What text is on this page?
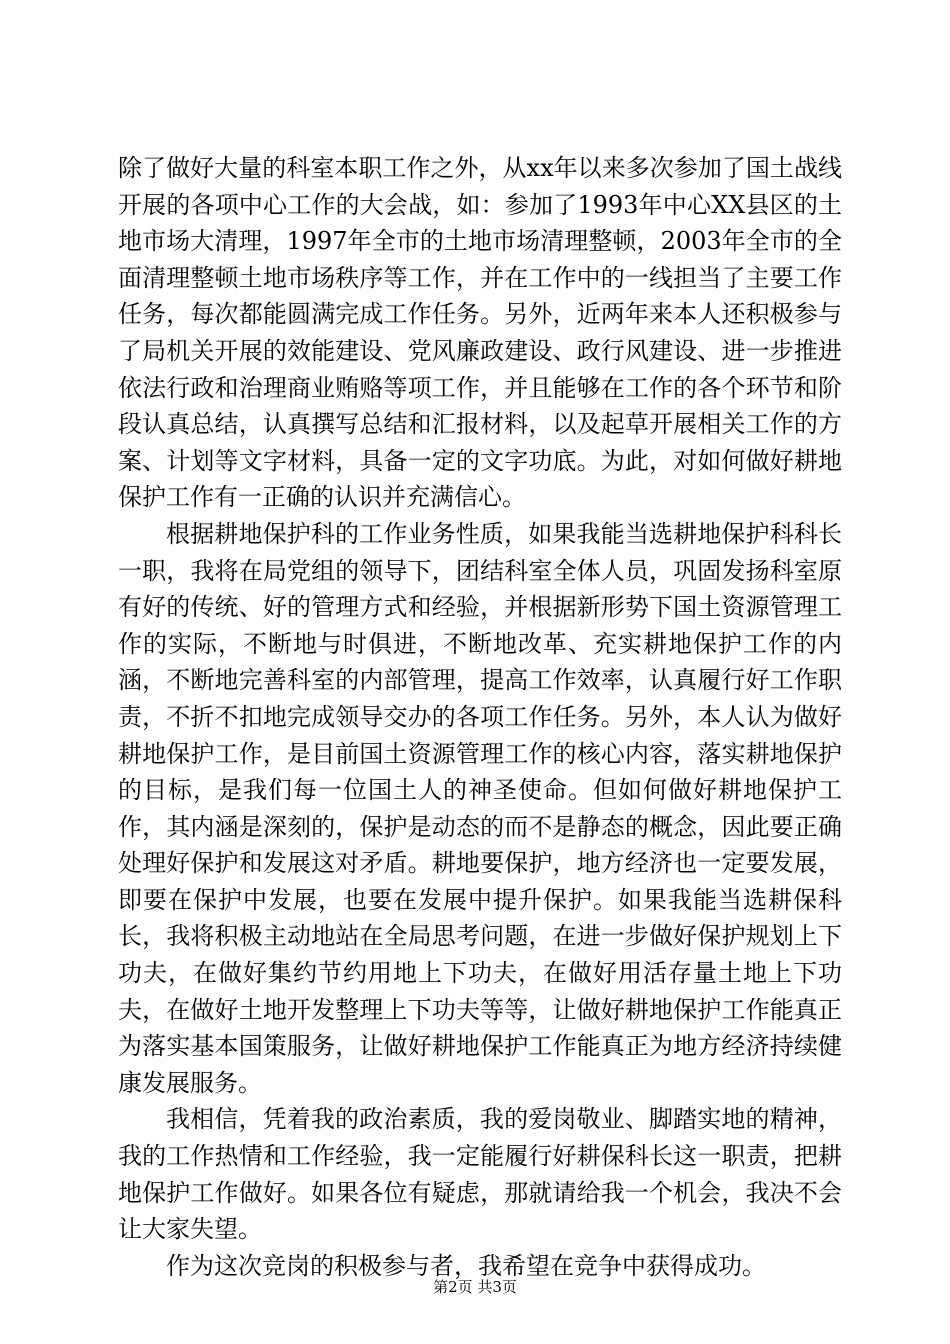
除了做好大量的科室本职工作之外，从xx年以来多次参加了国土战线开展的各项中心工作的大会战，如：参加了1993年中心XX县区的土地市场大清理，1997年全市的土地市场清理整顿，2003年全市的全面清理整顿土地市场秩序等工作，并在工作中的一线担当了主要工作任务，每次都能圆满完成工作任务。另外，近两年来本人还积极参与了局机关开展的效能建设、党风廉政建设、政行风建设、进一步推进依法行政和治理商业贿赂等项工作，并且能够在工作的各个环节和阶段认真总结，认真撰写总结和汇报材料，以及起草开展相关工作的方案、计划等文字材料，具备一定的文字功底。为此，对如何做好耕地保护工作有一正确的认识并充满信心。

根据耕地保护科的工作业务性质，如果我能当选耕地保护科科长一职，我将在局党组的领导下，团结科室全体人员，巩固发扬科室原有好的传统、好的管理方式和经验，并根据新形势下国土资源管理工作的实际，不断地与时俱进，不断地改革、充实耕地保护工作的内涵，不断地完善科室的内部管理，提高工作效率，认真履行好工作职责，不折不扣地完成领导交办的各项工作任务。另外，本人认为做好耕地保护工作，是目前国土资源管理工作的核心内容，落实耕地保护的目标，是我们每一位国土人的神圣使命。但如何做好耕地保护工作，其内涵是深刻的，保护是动态的而不是静态的概念，因此要正确处理好保护和发展这对矛盾。耕地要保护，地方经济也一定要发展，即要在保护中发展，也要在发展中提升保护。如果我能当选耕保科长，我将积极主动地站在全局思考问题，在进一步做好保护规划上下功夫，在做好集约节约用地上下功夫，在做好用活存量土地上下功夫，在做好土地开发整理上下功夫等等，让做好耕地保护工作能真正为落实基本国策服务，让做好耕地保护工作能真正为地方经济持续健康发展服务。

我相信，凭着我的政治素质，我的爱岗敬业、脚踏实地的精神，我的工作热情和工作经验，我一定能履行好耕保科长这一职责，把耕地保护工作做好。如果各位有疑虑，那就请给我一个机会，我决不会让大家失望。

作为这次竞岗的积极参与者，我希望在竞争中获得成功。

第2页 共3页
